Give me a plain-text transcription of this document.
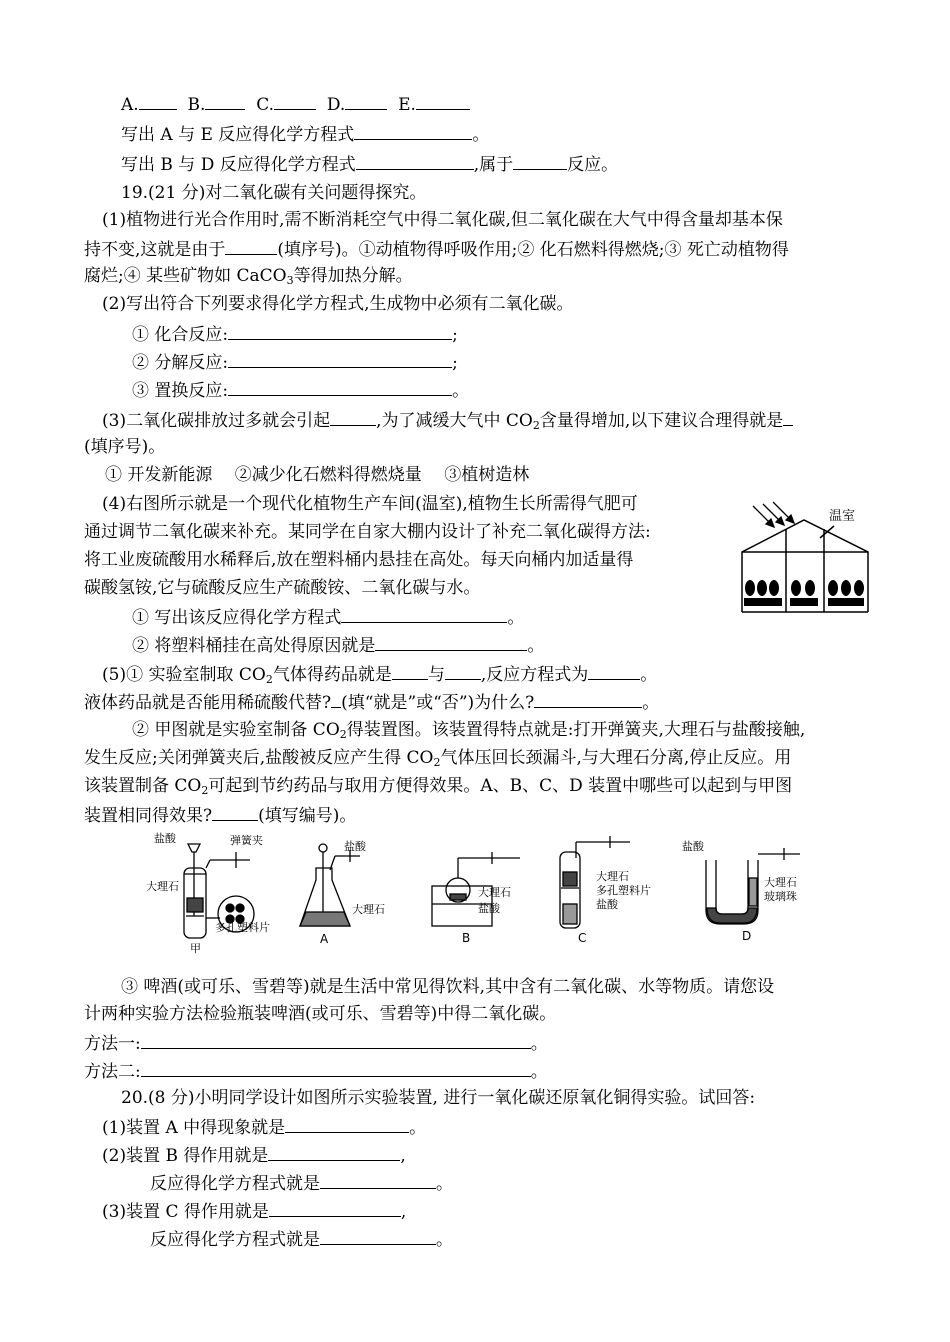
A.	B.	C.	D.	E.
写出 A 与 E 反应得化学方程式	。
写出 B 与 D 反应得化学方程式	,属于	反应。
19.(21 分)对二氧化碳有关问题得探究。
(1)植物进行光合作用时,需不断消耗空气中得二氧化碳,但二氧化碳在大气中得含量却基本保
持不变,这就是由于	(填序号)。①动植物得呼吸作用;② 化石燃料得燃烧;③ 死亡动植物得
腐烂;④ 某些矿物如 CaCO$_3$等得加热分解。
(2)写出符合下列要求得化学方程式,生成物中必须有二氧化碳。
① 化合反应:	;
② 分解反应:	;
③ 置换反应:	。
(3)二氧化碳排放过多就会引起	,为了减缓大气中 $CO_2$含量得增加,以下建议合理得就是
(填序号)。
① 开发新能源　 ②减少化石燃料得燃烧量　 ③植树造林
(4)右图所示就是一个现代化植物生产车间(温室),植物生长所需得气肥可
通过调节二氧化碳来补充。某同学在自家大棚内设计了补充二氧化碳得方法:
将工业废硫酸用水稀释后,放在塑料桶内悬挂在高处。每天向桶内加适量得
碳酸氢铵,它与硫酸反应生产硫酸铵、二氧化碳与水。
温室
① 写出该反应得化学方程式	。
② 将塑料桶挂在高处得原因就是	。
(5)① 实验室制取 $CO_2$气体得药品就是 与 ,反应方程式为	。
液体药品就是否能用稀硫酸代替? (填“就是”或“否”)为什么?	。
② 甲图就是实验室制备 $CO_2$得装置图。该装置得特点就是:打开弹簧夹,大理石与盐酸接触,
发生反应;关闭弹簧夹后,盐酸被反应产生得 $CO_2$气体压回长颈漏斗,与大理石分离,停止反应。用
该装置制备 $CO_2$可起到节约药品与取用方便得效果。A、B、C、D 装置中哪些可以起到与甲图
装置相同得效果?	(填写编号)。
盐酸	弹簧夹
大理石
多孔塑料片
甲
盐酸
大理石
A
大理石
盐酸
B
大理石
多孔塑料片
盐酸
C
盐酸
大理石
玻璃珠
D
③ 啤酒(或可乐、雪碧等)就是生活中常见得饮料,其中含有二氧化碳、水等物质。请您设
计两种实验方法检验瓶装啤酒(或可乐、雪碧等)中得二氧化碳。
方法一:	。
方法二:	。
20.(8 分)小明同学设计如图所示实验装置, 进行一氧化碳还原氧化铜得实验。试回答:
(1)装置 A 中得现象就是	。
(2)装置 B 得作用就是	,
反应得化学方程式就是	。
(3)装置 C 得作用就是	,
反应得化学方程式就是	。
